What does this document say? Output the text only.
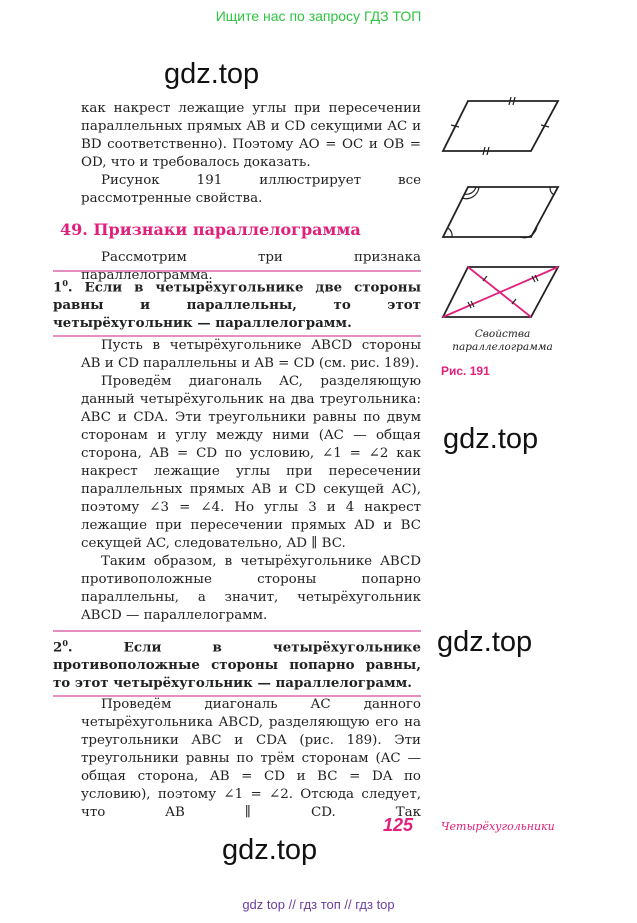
Ищите нас по запросу ГДЗ ТОП
gdz.top
gdz.top
gdz.top
gdz.top

как накрест лежащие углы при пересечении параллельных прямых AB и CD секущими AC и BD соответственно). Поэтому AO = OC и OB = OD, что и требовалось доказать.

Рисунок 191 иллюстрирует все рассмотренные свойства.

49. Признаки параллелограмма

Рассмотрим три признака параллелограмма.

$1^0$. Если в четырёхугольнике две стороны равны и параллельны, то этот четырёхугольник — параллелограмм.

Пусть в четырёхугольнике ABCD стороны AB и CD параллельны и AB = CD (см. рис. 189).

Проведём диагональ AC, разделяющую данный четырёхугольник на два треугольника: ABC и CDA. Эти треугольники равны по двум сторонам и углу между ними (AC — общая сторона, AB = CD по условию, ∠1 = ∠2 как накрест лежащие углы при пересечении параллельных прямых AB и CD секущей AC), поэтому ∠3 = ∠4. Но углы 3 и 4 накрест лежащие при пересечении прямых AD и BC секущей AC, следовательно, AD ∥ BC.

Таким образом, в четырёхугольнике ABCD противоположные стороны попарно параллельны, а значит, четырёхугольник ABCD — параллелограмм.

$2^0$. Если в четырёхугольнике противоположные стороны попарно равны, то этот четырёхугольник — параллелограмм.

Проведём диагональ AC данного четырёхугольника ABCD, разделяющую его на треугольники ABC и CDA (рис. 189). Эти треугольники равны по трём сторонам (AC — общая сторона, AB = CD и BC = DA по условию), поэтому ∠1 = ∠2. Отсюда следует, что AB ∥ CD. Так

Свойства параллелограмма
Рис. 191
125	Четырёхугольники
gdz top // гдз топ // гдз top
